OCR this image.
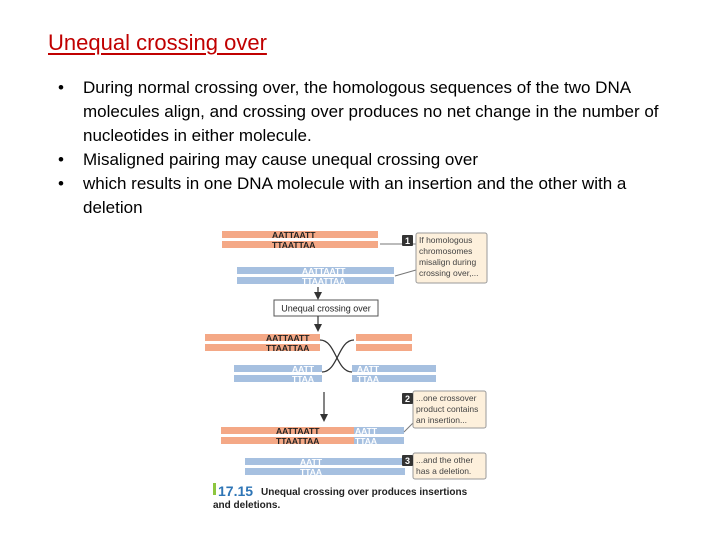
Unequal crossing over
• During normal crossing over, the homologous sequences of the two DNA molecules align, and crossing over produces no net change in the number of nucleotides in either molecule.
• Misaligned pairing may cause unequal crossing over
• which results in one DNA molecule with an insertion and the other with a deletion
AATTAATT
TTAATTAA
AATTAATT
TTAATTAA
Unequal crossing over
AATTAATT
TTAATTAA
AATT
TTAA
AATT
TTAA
AATTAATT
TTAATTAA
AATT
TTAA
AATT
TTAA
1 If homologous
chromosomes
misalign during
crossing over,...
2 ...one crossover
product contains
an insertion...
3 ...and the other
has a deletion.
17.15 Unequal crossing over produces insertions
and deletions.
